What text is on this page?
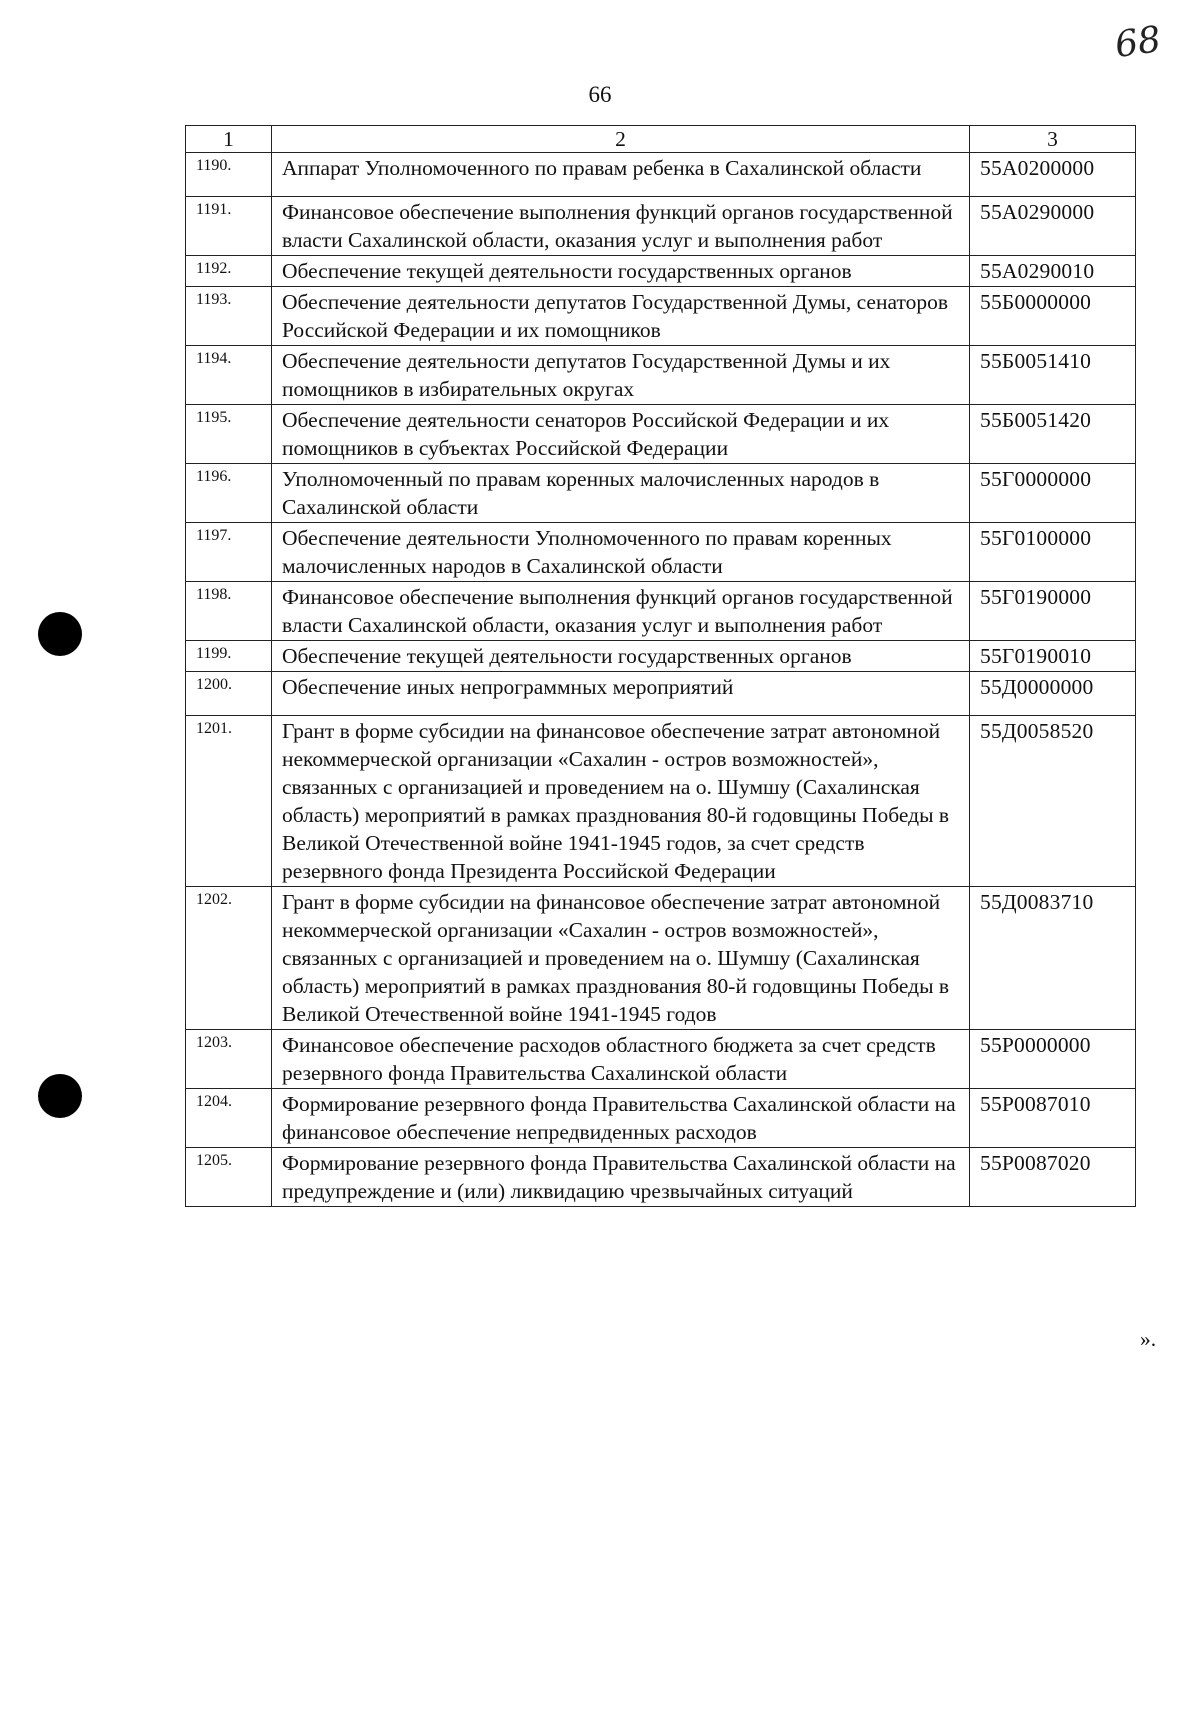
66
68
1	2	3
1190.	Аппарат Уполномоченного по правам ребенка в Сахалинской области	55А0200000
1191.	Финансовое обеспечение выполнения функций органов государственной власти Сахалинской области, оказания услуг и выполнения работ	55А0290000
1192.	Обеспечение текущей деятельности государственных органов	55А0290010
1193.	Обеспечение деятельности депутатов Государственной Думы, сенаторов Российской Федерации и их помощников	55Б0000000
1194.	Обеспечение деятельности депутатов Государственной Думы и их помощников в избирательных округах	55Б0051410
1195.	Обеспечение деятельности сенаторов Российской Федерации и их помощников в субъектах Российской Федерации	55Б0051420
1196.	Уполномоченный по правам коренных малочисленных народов в Сахалинской области	55Г0000000
1197.	Обеспечение деятельности Уполномоченного по правам коренных малочисленных народов в Сахалинской области	55Г0100000
1198.	Финансовое обеспечение выполнения функций органов государственной власти Сахалинской области, оказания услуг и выполнения работ	55Г0190000
1199.	Обеспечение текущей деятельности государственных органов	55Г0190010
1200.	Обеспечение иных непрограммных мероприятий	55Д0000000
1201.	Грант в форме субсидии на финансовое обеспечение затрат автономной некоммерческой организации «Сахалин - остров возможностей», связанных с организацией и проведением на о. Шумшу (Сахалинская область) мероприятий в рамках празднования 80-й годовщины Победы в Великой Отечественной войне 1941-1945 годов, за счет средств резервного фонда Президента Российской Федерации	55Д0058520
1202.	Грант в форме субсидии на финансовое обеспечение затрат автономной некоммерческой организации «Сахалин - остров возможностей», связанных с организацией и проведением на о. Шумшу (Сахалинская область) мероприятий в рамках празднования 80-й годовщины Победы в Великой Отечественной войне 1941-1945 годов	55Д0083710
1203.	Финансовое обеспечение расходов областного бюджета за счет средств резервного фонда Правительства Сахалинской области	55Р0000000
1204.	Формирование резервного фонда Правительства Сахалинской области на финансовое обеспечение непредвиденных расходов	55Р0087010
1205.	Формирование резервного фонда Правительства Сахалинской области на предупреждение и (или) ликвидацию чрезвычайных ситуаций	55Р0087020
».
